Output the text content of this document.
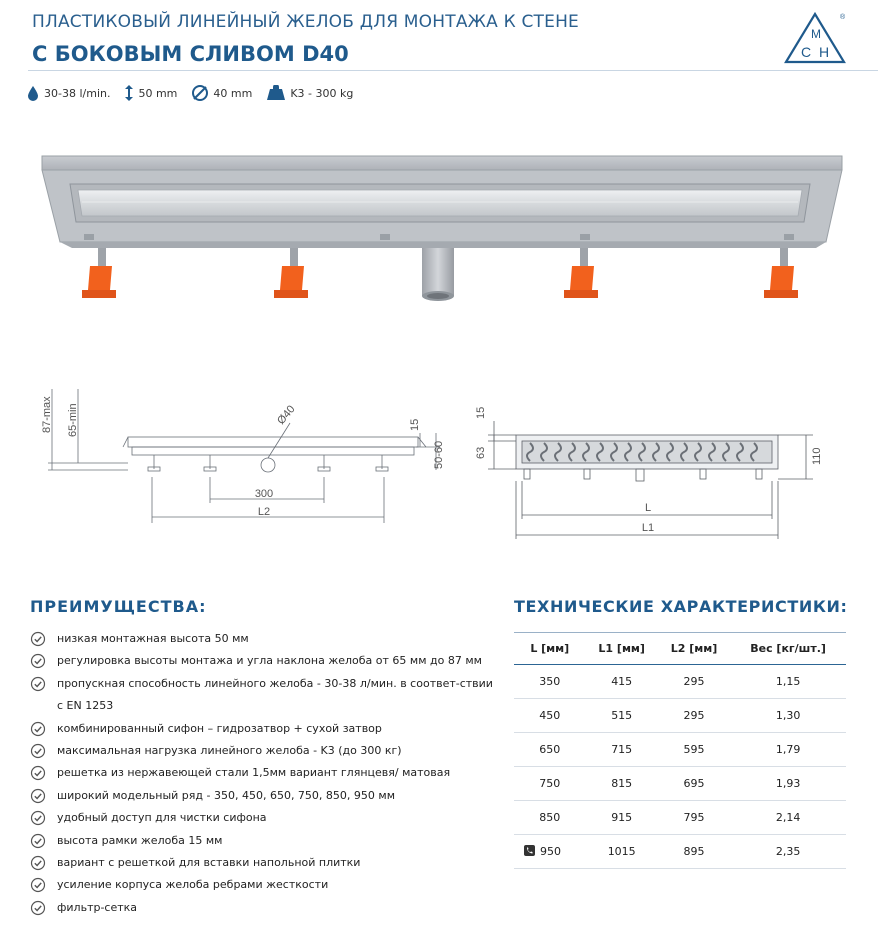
ПЛАСТИКОВЫЙ ЛИНЕЙНЫЙ ЖЕЛОБ ДЛЯ МОНТАЖА К СТЕНЕ
С БОКОВЫМ СЛИВОМ D40
М
С Н
®
30-38 l/min.	50 mm	40 mm	K3 - 300 kg
87-max 65-min	15
50-60
Ø40
300
L2
15
63	110
L
L1
ПРЕИМУЩЕСТВА:
низкая монтажная высота 50 мм
регулировка высоты монтажа и угла наклона желоба от 65 мм до 87 мм
пропускная способность линейного желоба - 30-38 л/мин. в соответ-ствии с EN 1253
комбинированный сифон – гидрозатвор + сухой затвор
максимальная нагрузка линейного желоба - K3 (до 300 кг)
решетка из нержавеющей стали 1,5мм вариант глянцевя/ матовая
широкий модельный ряд - 350, 450, 650, 750, 850, 950 мм
удобный доступ для чистки сифона
высота рамки желоба 15 мм
вариант с решеткой для вставки напольной плитки
усиление корпуса желоба ребрами жесткости
фильтр-сетка
ТЕХНИЧЕСКИЕ ХАРАКТЕРИСТИКИ:
L [мм]	L1 [мм]	L2 [мм]	Вес [кг/шт.]
350	415	295	1,15
450	515	295	1,30
650	715	595	1,79
750	815	695	1,93
850	915	795	2,14
950	1015	895	2,35
